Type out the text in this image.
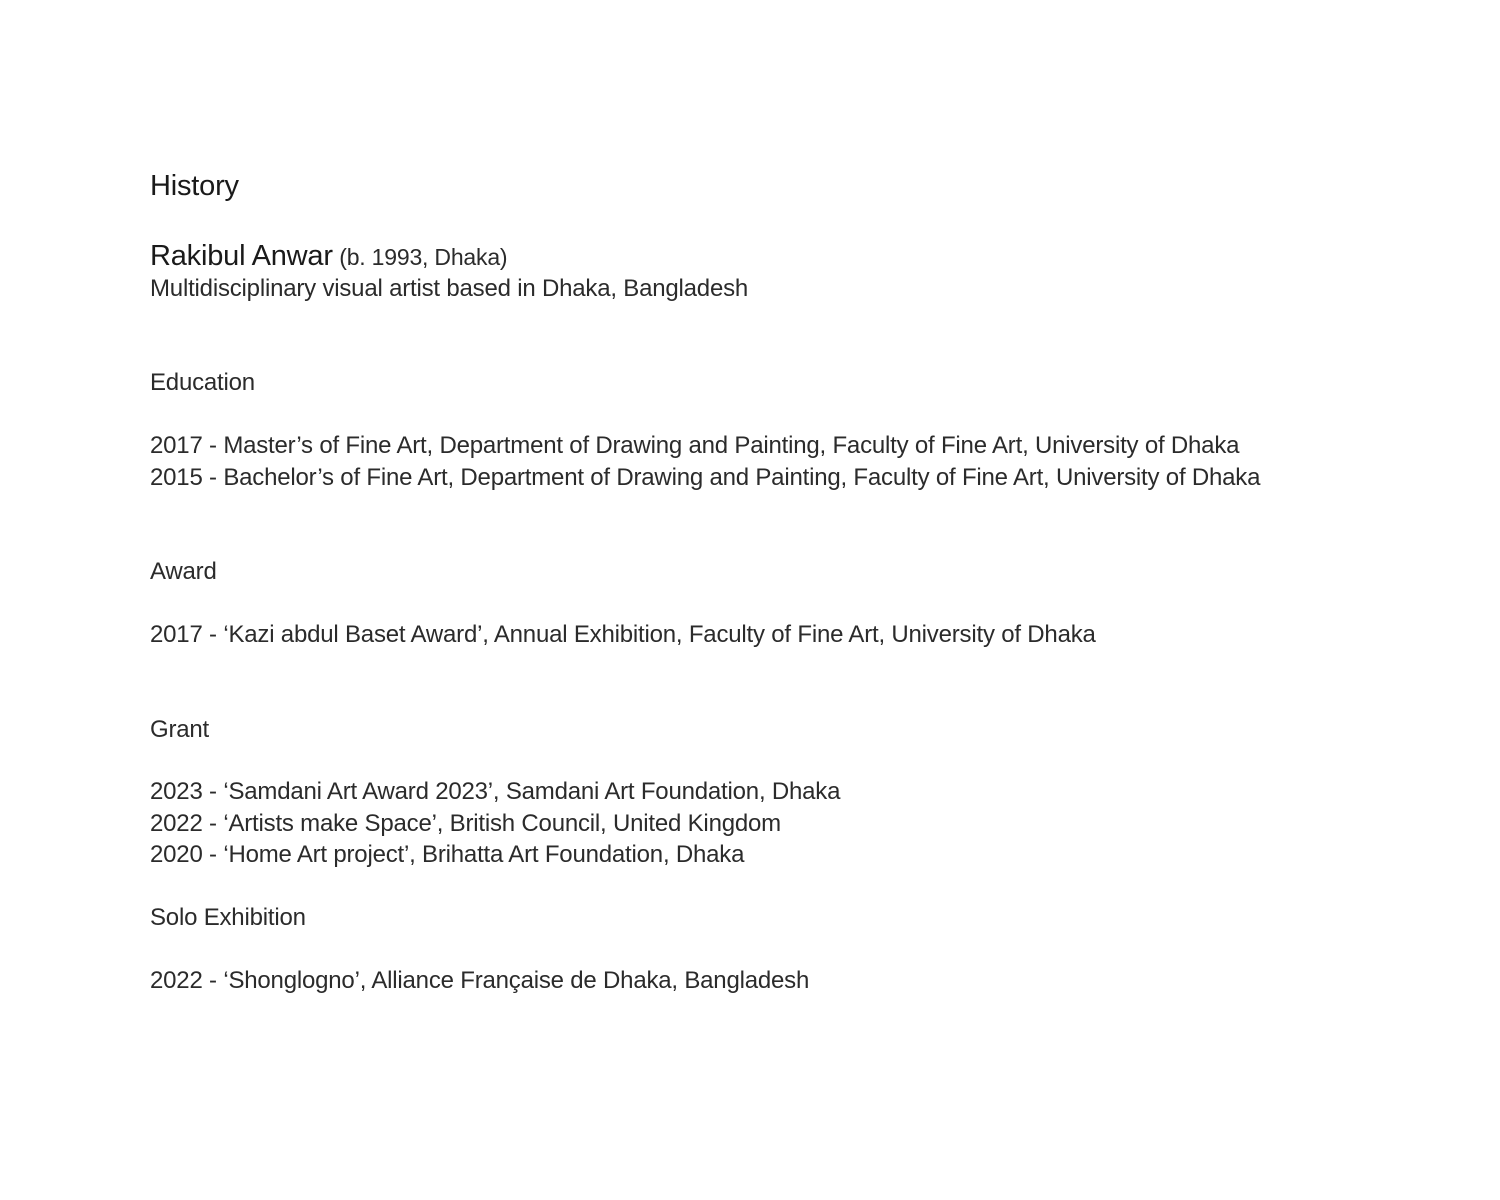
History
Rakibul Anwar (b. 1993, Dhaka)
Multidisciplinary visual artist based in Dhaka, Bangladesh
Education
2017 - Master’s of Fine Art, Department of Drawing and Painting, Faculty of Fine Art, University of Dhaka
2015 - Bachelor’s of Fine Art, Department of Drawing and Painting, Faculty of Fine Art, University of Dhaka
Award
2017 - ‘Kazi abdul Baset Award’, Annual Exhibition, Faculty of Fine Art, University of Dhaka
Grant
2023 - ‘Samdani Art Award 2023’, Samdani Art Foundation, Dhaka
2022 - ‘Artists make Space’, British Council, United Kingdom
2020 - ‘Home Art project’, Brihatta Art Foundation, Dhaka
Solo Exhibition
2022 - ‘Shonglogno’, Alliance Française de Dhaka, Bangladesh
